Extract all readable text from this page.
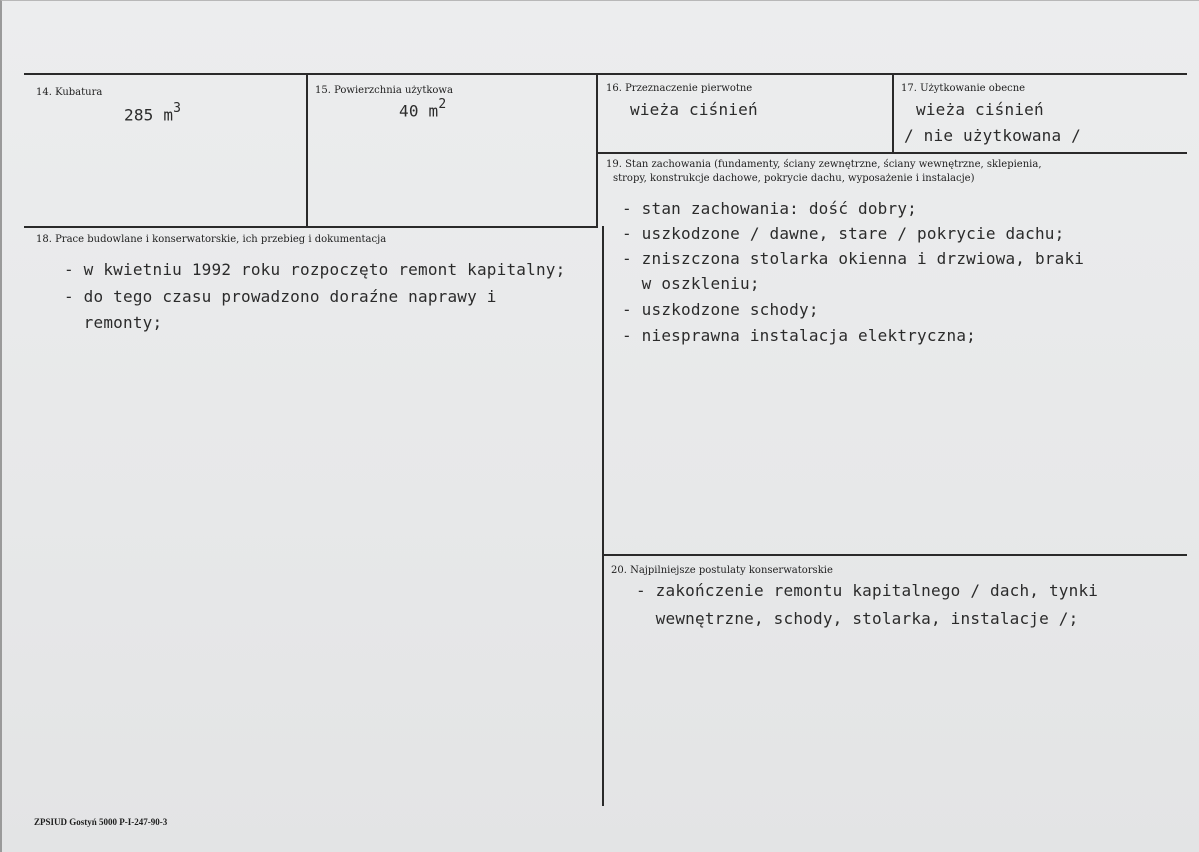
14. Kubatura
285 $m^3$
15. Powierzchnia użytkowa
40 $m^2$
16. Przeznaczenie pierwotne
wieża ciśnień
17. Użytkowanie obecne
wieża ciśnień
/ nie użytkowana /
18. Prace budowlane i konserwatorskie, ich przebieg i dokumentacja
- w kwietniu 1992 roku rozpoczęto remont kapitalny;
- do tego czasu prowadzono doraźne naprawy i
remonty;
19. Stan zachowania (fundamenty, ściany zewnętrzne, ściany wewnętrzne, sklepienia,
stropy, konstrukcje dachowe, pokrycie dachu, wyposażenie i instalacje)
- stan zachowania: dość dobry;
- uszkodzone / dawne, stare / pokrycie dachu;
- zniszczona stolarka okienna i drzwiowa, braki
w oszkleniu;
- uszkodzone schody;
- niesprawna instalacja elektryczna;
20. Najpilniejsze postulaty konserwatorskie
- zakończenie remontu kapitalnego / dach, tynki
wewnętrzne, schody, stolarka, instalacje /;
ZPSIUD Gostyń 5000 P-I-247-90-3
